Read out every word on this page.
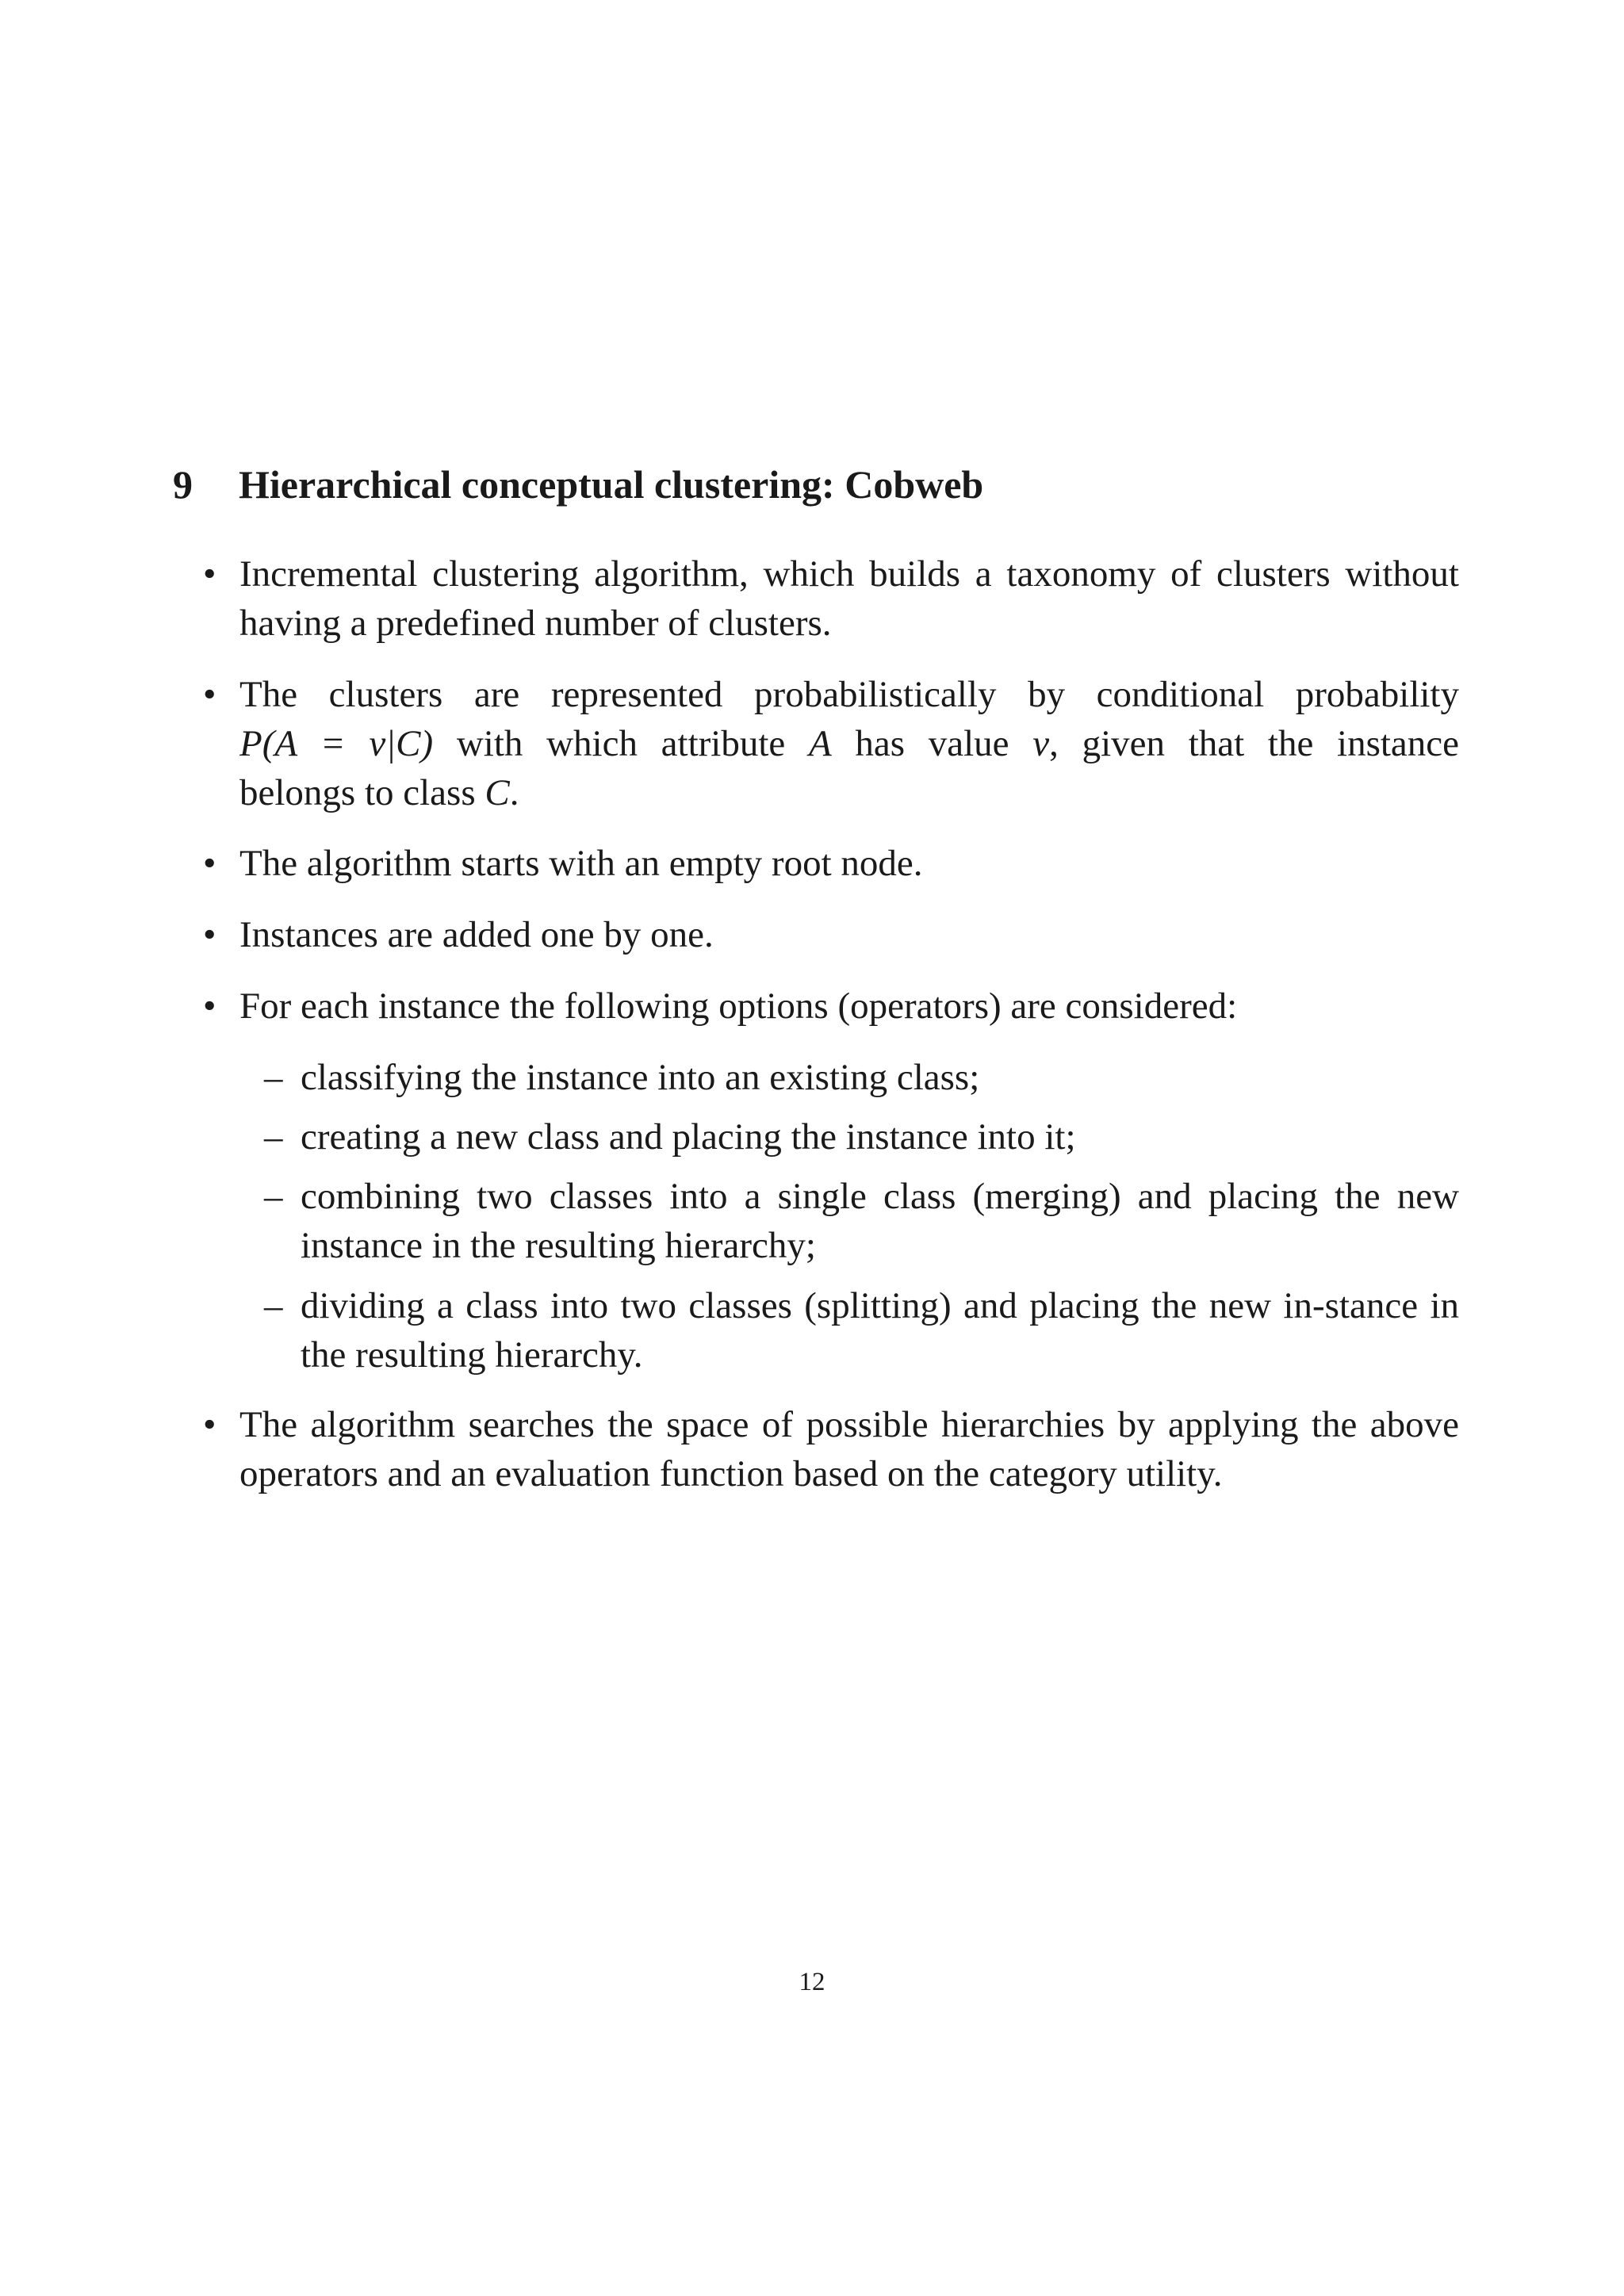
9 Hierarchical conceptual clustering: Cobweb
• Incremental clustering algorithm, which builds a taxonomy of clusters without having a predefined number of clusters.
• The clusters are represented probabilistically by conditional probability
P(A = v|C) with which attribute A has value v, given that the instance
belongs to class C.
• The algorithm starts with an empty root node.
• Instances are added one by one.
• For each instance the following options (operators) are considered:
– classifying the instance into an existing class;
– creating a new class and placing the instance into it;
– combining two classes into a single class (merging) and placing the new instance in the resulting hierarchy;
– dividing a class into two classes (splitting) and placing the new in-stance in the resulting hierarchy.
• The algorithm searches the space of possible hierarchies by applying the above operators and an evaluation function based on the category utility.
12
